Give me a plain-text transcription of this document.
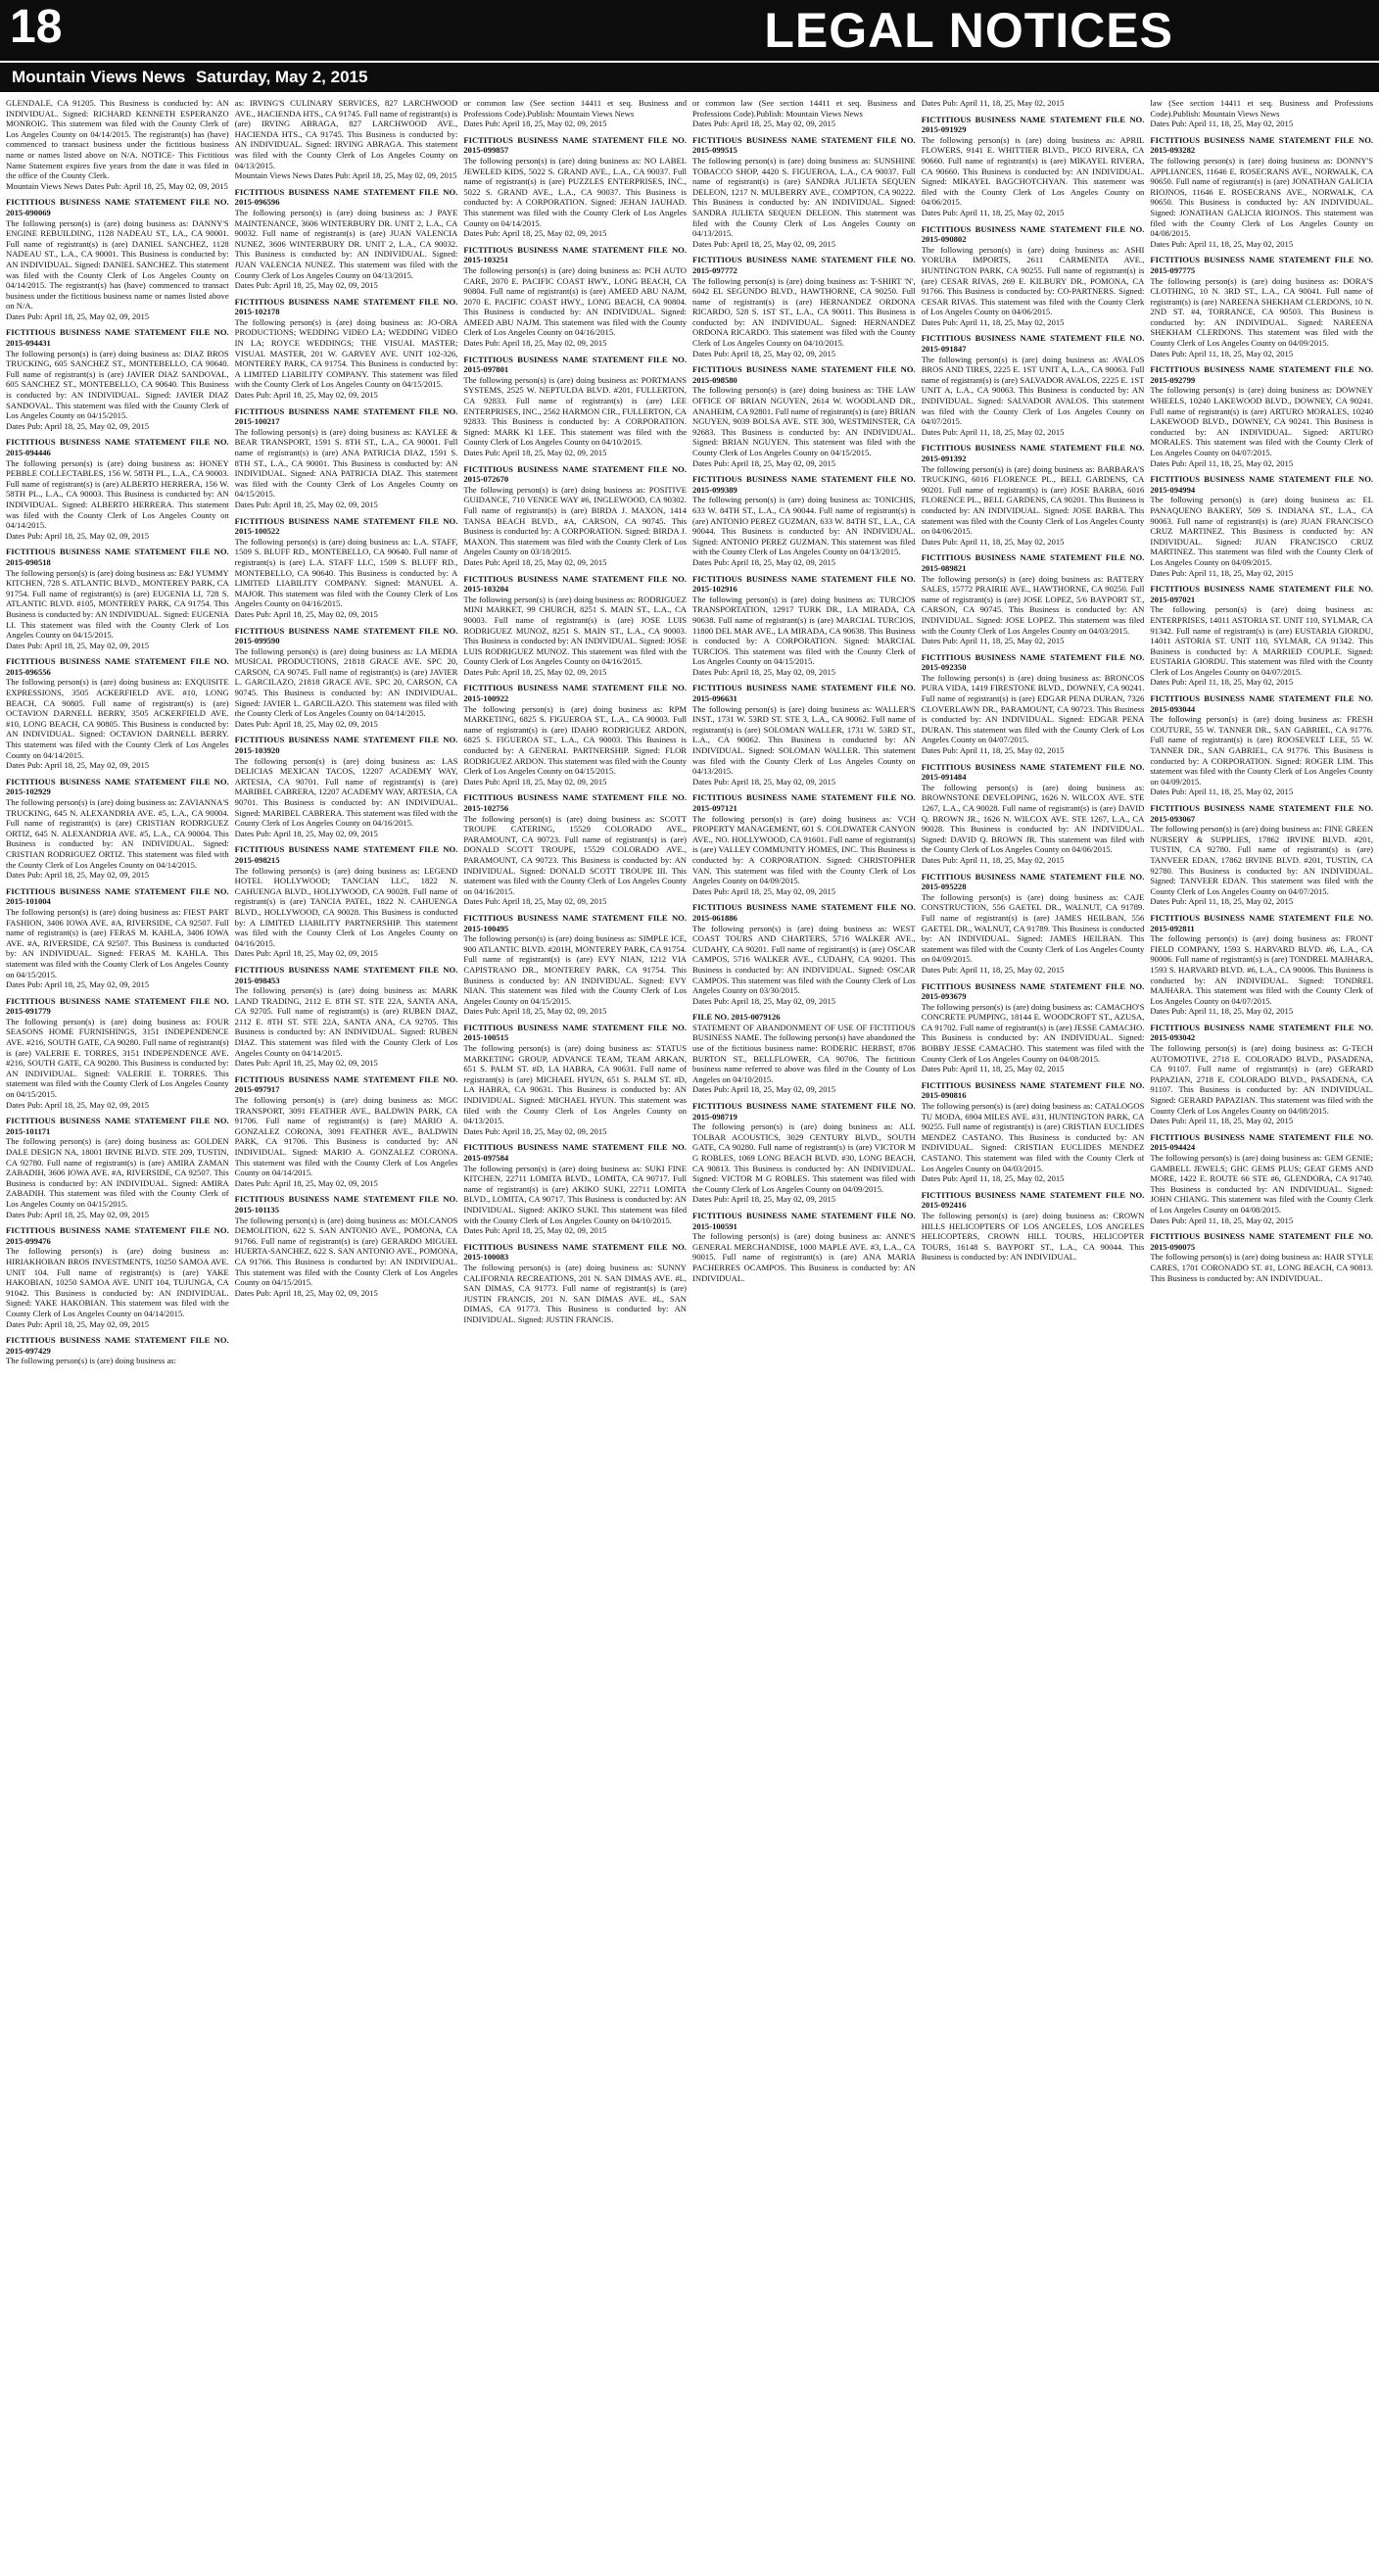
18	LEGAL NOTICES
Mountain Views News Saturday, May 2, 2015
GLENDALE, CA 91205. This Business is conducted by: AN INDIVIDUAL. Signed: RICHARD KENNETH ESPERANZO MONROIG. This statement was filed with the County Clerk of Los Angeles County on 04/14/2015. The registrant(s) has (have) commenced to transact business under the fictitious business name or names listed above on N/A. NOTICE- This Fictitious Name Statement expires five years from the date it was filed in the office of the County Clerk.
Mountain Views News Dates Pub: April 18, 25, May 02, 09, 2015
FICTITIOUS BUSINESS NAME STATEMENT FILE NO. 2015-090069
The following person(s) is (are) doing business as: DANNY'S ENGINE REBUILDING, 1128 NADEAU ST., LA., CA 90001. Full name of registrant(s) is (are) DANIEL SANCHEZ, 1128 NADEAU ST., L.A., CA 90001. This Business is conducted by: AN INDIVIDUAL. Signed: DANIEL SANCHEZ. This statement was filed with the County Clerk of Los Angeles County on 04/14/2015. The registrant(s) has (have) commenced to transact business under the fictitious business name or names listed above on N/A.
Dates Pub: April 18, 25, May 02, 09, 2015
FICTITIOUS BUSINESS NAME STATEMENT FILE NO. 2015-094431
The following person(s) is (are) doing business as: DIAZ BROS TRUCKING, 605 SANCHEZ ST., MONTEBELLO, CA 90640. Full name of registrant(s) is (are) JAVIER DIAZ SANDOVAL, 605 SANCHEZ ST., MONTEBELLO, CA 90640. This Business is conducted by: AN INDIVIDUAL. Signed: JAVIER DIAZ SANDOVAL. This statement was filed with the County Clerk of Los Angeles County on 04/15/2015.
Dates Pub: April 18, 25, May 02, 09, 2015
FICTITIOUS BUSINESS NAME STATEMENT FILE NO. 2015-094446
The following person(s) is (are) doing business as: HONEY PEBBLE COLLECTABLES, 156 W. 58TH PL., L.A., CA 90003. Full name of registrant(s) is (are) ALBERTO HERRERA, 156 W. 58TH PL., L.A., CA 90003. This Business is conducted by: AN INDIVIDUAL. Signed: ALBERTO HERRERA. This statement was filed with the County Clerk of Los Angeles County on 04/14/2015.
Dates Pub: April 18, 25, May 02, 09, 2015
FICTITIOUS BUSINESS NAME STATEMENT FILE NO. 2015-090518
The following person(s) is (are) doing business as: E&J YUMMY KITCHEN, 728 S. ATLANTIC BLVD., MONTEREY PARK, CA 91754. Full name of registrant(s) is (are) EUGENIA LI, 728 S. ATLANTIC BLVD. #105, MONTEREY PARK, CA 91754. This Business is conducted by: AN INDIVIDUAL. Signed: EUGENIA LI. This statement was filed with the County Clerk of Los Angeles County on 04/15/2015.
Dates Pub: April 18, 25, May 02, 09, 2015
FICTITIOUS BUSINESS NAME STATEMENT FILE NO. 2015-096556
The following person(s) is (are) doing business as: EXQUISITE EXPRESSIONS, 3505 ACKERFIELD AVE. #10, LONG BEACH, CA 90805. Full name of registrant(s) is (are) OCTAVION DARNELL BERRY, 3505 ACKERFIELD AVE. #10, LONG BEACH, CA 90805. This Business is conducted by: AN INDIVIDUAL. Signed: OCTAVION DARNELL BERRY. This statement was filed with the County Clerk of Los Angeles County on 04/14/2015.
Dates Pub: April 18, 25, May 02, 09, 2015
FICTITIOUS BUSINESS NAME STATEMENT FILE NO. 2015-102929
The following person(s) is (are) doing business as: ZAVIANNA'S TRUCKING, 645 N. ALEXANDRIA AVE. #5, L.A., CA 90004. Full name of registrant(s) is (are) CRISTIAN RODRIGUEZ ORTIZ, 645 N. ALEXANDRIA AVE. #5, L.A., CA 90004. This Business is conducted by: AN INDIVIDUAL. Signed: CRISTIAN RODRIGUEZ ORTIZ. This statement was filed with the County Clerk of Los Angeles County on 04/14/2015.
Dates Pub: April 18, 25, May 02, 09, 2015
FICTITIOUS BUSINESS NAME STATEMENT FILE NO. 2015-101004
The following person(s) is (are) doing business as: FIEST PART FASHION, 3406 IOWA AVE. #A, RIVERSIDE, CA 92507. Full name of registrant(s) is (are) FERAS M. KAHLA, 3406 IOWA AVE. #A, RIVERSIDE, CA 92507. This Business is conducted by: AN INDIVIDUAL. Signed: FERAS M. KAHLA. This statement was filed with the County Clerk of Los Angeles County on 04/15/2015.
Dates Pub: April 18, 25, May 02, 09, 2015
FICTITIOUS BUSINESS NAME STATEMENT FILE NO. 2015-091779
The following person(s) is (are) doing business as: FOUR SEASONS HOME FURNISHINGS, 3151 INDEPENDENCE AVE. #216, SOUTH GATE, CA 90280. Full name of registrant(s) is (are) VALERIE E. TORRES, 3151 INDEPENDENCE AVE. #216, SOUTH GATE, CA 90280. This Business is conducted by: AN INDIVIDUAL. Signed: VALERIE E. TORRES. This statement was filed with the County Clerk of Los Angeles County on 04/15/2015.
Dates Pub: April 18, 25, May 02, 09, 2015
FICTITIOUS BUSINESS NAME STATEMENT FILE NO. 2015-101171
The following person(s) is (are) doing business as: GOLDEN DALE DESIGN NA, 18001 IRVINE BLVD. STE 209, TUSTIN, CA 92780. Full name of registrant(s) is (are) AMIRA ZAMAN ZABADIH, 3606 IOWA AVE. #A, RIVERSIDE, CA 92507. This Business is conducted by: AN INDIVIDUAL. Signed: AMIRA ZABADIH. This statement was filed with the County Clerk of Los Angeles County on 04/15/2015.
Dates Pub: April 18, 25, May 02, 09, 2015
FICTITIOUS BUSINESS NAME STATEMENT FILE NO. 2015-099476
The following person(s) is (are) doing business as: HIRIAKHOBAN BROS INVESTMENTS, 10250 SAMOA AVE. UNIT 104. Full name of registrant(s) is (are) YAKE HAKOBIAN, 10250 SAMOA AVE. UNIT 104, TUJUNGA, CA 91042. This Business is conducted by: AN INDIVIDUAL. Signed: YAKE HAKOBIAN. This statement was filed with the County Clerk of Los Angeles County on 04/14/2015.
Dates Pub: April 18, 25, May 02, 09, 2015
FICTITIOUS BUSINESS NAME STATEMENT FILE NO. 2015-097429
The following person(s) is (are) doing business as:
as: IRVING'S CULINARY SERVICES, 827 LARCHWOOD AVE., HACIENDA HTS., CA 91745. Full name of registrant(s) is (are) IRVING ABRAGA, 827 LARCHWOOD AVE., HACIENDA HTS., CA 91745. This Business is conducted by: AN INDIVIDUAL. Signed: IRVING ABRAGA. This statement was filed with the County Clerk of Los Angeles County on 04/13/2015.
Mountain Views News Dates Pub: April 18, 25, May 02, 09, 2015
FICTITIOUS BUSINESS NAME STATEMENT FILE NO. 2015-096596
The following person(s) is (are) doing business as: J PAYE MAINTENANCE, 3606 WINTERBURY DR. UNIT 2, L.A., CA 90032. Full name of registrant(s) is (are) JUAN VALENCIA NUNEZ, 3606 WINTERBURY DR. UNIT 2, L.A., CA 90032. This Business is conducted by: AN INDIVIDUAL. Signed: JUAN VALENCIA NUNEZ. This statement was filed with the County Clerk of Los Angeles County on 04/13/2015.
Dates Pub: April 18, 25, May 02, 09, 2015
FICTITIOUS BUSINESS NAME STATEMENT FILE NO. 2015-102178
The following person(s) is (are) doing business as: JO-ORA PRODUCTIONS; WEDDING VIDEO LA; WEDDING VIDEO IN LA; ROYCE WEDDINGS; THE VISUAL MASTER; VISUAL MASTER, 201 W. GARVEY AVE. UNIT 102-326, MONTEREY PARK, CA 91754. This Business is conducted by: A LIMITED LIABILITY COMPANY. This statement was filed with the County Clerk of Los Angeles County on 04/15/2015.
Dates Pub: April 18, 25, May 02, 09, 2015
FICTITIOUS BUSINESS NAME STATEMENT FILE NO. 2015-100217
The following person(s) is (are) doing business as: KAYLEE & BEAR TRANSPORT, 1591 S. 8TH ST., L.A., CA 90001. Full name of registrant(s) is (are) ANA PATRICIA DIAZ, 1591 S. 8TH ST., L.A., CA 90001. This Business is conducted by: AN INDIVIDUAL. Signed: ANA PATRICIA DIAZ. This statement was filed with the County Clerk of Los Angeles County on 04/15/2015.
Dates Pub: April 18, 25, May 02, 09, 2015
FICTITIOUS BUSINESS NAME STATEMENT FILE NO. 2015-100522
The following person(s) is (are) doing business as: L.A. STAFF, 1509 S. BLUFF RD., MONTEBELLO, CA 90640. Full name of registrant(s) is (are) L.A. STAFF LLC, 1509 S. BLUFF RD., MONTEBELLO, CA 90640. This Business is conducted by: A LIMITED LIABILITY COMPANY. Signed: MANUEL A. MAJOR. This statement was filed with the County Clerk of Los Angeles County on 04/16/2015.
Dates Pub: April 18, 25, May 02, 09, 2015
FICTITIOUS BUSINESS NAME STATEMENT FILE NO. 2015-099590
The following person(s) is (are) doing business as: LA MEDIA MUSICAL PRODUCTIONS, 21818 GRACE AVE. SPC 20, CARSON, CA 90745. Full name of registrant(s) is (are) JAVIER L. GARCILAZO, 21818 GRACE AVE. SPC 20, CARSON, CA 90745. This Business is conducted by: AN INDIVIDUAL. Signed: JAVIER L. GARCILAZO. This statement was filed with the County Clerk of Los Angeles County on 04/14/2015.
Dates Pub: April 18, 25, May 02, 09, 2015
FICTITIOUS BUSINESS NAME STATEMENT FILE NO. 2015-103920
The following person(s) is (are) doing business as: LAS DELICIAS MEXICAN TACOS, 12207 ACADEMY WAY, ARTESIA, CA 90701. Full name of registrant(s) is (are) MARIBEL CABRERA, 12207 ACADEMY WAY, ARTESIA, CA 90701. This Business is conducted by: AN INDIVIDUAL. Signed: MARIBEL CABRERA. This statement was filed with the County Clerk of Los Angeles County on 04/16/2015.
Dates Pub: April 18, 25, May 02, 09, 2015
FICTITIOUS BUSINESS NAME STATEMENT FILE NO. 2015-098215
The following person(s) is (are) doing business as: LEGEND HOTEL HOLLYWOOD; TANCIAN LLC, 1822 N. CAHUENGA BLVD., HOLLYWOOD, CA 90028. Full name of registrant(s) is (are) TANCIA PATEL, 1822 N. CAHUENGA BLVD., HOLLYWOOD, CA 90028. This Business is conducted by: A LIMITED LIABILITY PARTNERSHIP. This statement was filed with the County Clerk of Los Angeles County on 04/16/2015.
Dates Pub: April 18, 25, May 02, 09, 2015
FICTITIOUS BUSINESS NAME STATEMENT FILE NO. 2015-098453
The following person(s) is (are) doing business as: MARK LAND TRADING, 2112 E. 8TH ST. STE 22A, SANTA ANA, CA 92705. Full name of registrant(s) is (are) RUBEN DIAZ, 2112 E. 8TH ST. STE 22A, SANTA ANA, CA 92705. This Business is conducted by: AN INDIVIDUAL. Signed: RUBEN DIAZ. This statement was filed with the County Clerk of Los Angeles County on 04/14/2015.
Dates Pub: April 18, 25, May 02, 09, 2015
FICTITIOUS BUSINESS NAME STATEMENT FILE NO. 2015-097917
The following person(s) is (are) doing business as: MGC TRANSPORT, 3091 FEATHER AVE., BALDWIN PARK, CA 91706. Full name of registrant(s) is (are) MARIO A. GONZALEZ CORONA, 3091 FEATHER AVE., BALDWIN PARK, CA 91706. This Business is conducted by: AN INDIVIDUAL. Signed: MARIO A. GONZALEZ CORONA. This statement was filed with the County Clerk of Los Angeles County on 04/14/2015.
Dates Pub: April 18, 25, May 02, 09, 2015
FICTITIOUS BUSINESS NAME STATEMENT FILE NO. 2015-101135
The following person(s) is (are) doing business as: MOLCANOS DEMOLITION, 622 S. SAN ANTONIO AVE., POMONA, CA 91766. Full name of registrant(s) is (are) GERARDO MIGUEL HUERTA-SANCHEZ, 622 S. SAN ANTONIO AVE., POMONA, CA 91766. This Business is conducted by: AN INDIVIDUAL. This statement was filed with the County Clerk of Los Angeles County on 04/15/2015.
Dates Pub: April 18, 25, May 02, 09, 2015
or common law (See section 14411 et seq. Business and Professions Code).Publish: Mountain Views News
Dates Pub: April 18, 25, May 02, 09, 2015
FICTITIOUS BUSINESS NAME STATEMENT FILE NO. 2015-099857
The following person(s) is (are) doing business as: NO LABEL JEWELED KIDS, 5022 S. GRAND AVE., L.A., CA 90037. Full name of registrant(s) is (are) PUZZLES ENTERPRISES, INC., 5022 S. GRAND AVE., L.A., CA 90037. This Business is conducted by: A CORPORATION. Signed: JEHAN JAUHAD. This statement was filed with the County Clerk of Los Angeles County on 04/14/2015.
Dates Pub: April 18, 25, May 02, 09, 2015
FICTITIOUS BUSINESS NAME STATEMENT FILE NO. 2015-103251
The following person(s) is (are) doing business as: PCH AUTO CARE, 2070 E. PACIFIC COAST HWY., LONG BEACH, CA 90804. Full name of registrant(s) is (are) AMEED ABU NAJM, 2070 E. PACIFIC COAST HWY., LONG BEACH, CA 90804. This Business is conducted by: AN INDIVIDUAL. Signed: AMEED ABU NAJM. This statement was filed with the County Clerk of Los Angeles County on 04/16/2015.
Dates Pub: April 18, 25, May 02, 09, 2015
FICTITIOUS BUSINESS NAME STATEMENT FILE NO. 2015-097801
The following person(s) is (are) doing business as: PORTMANS SYSTEMS, 2525 W. NEPTULDA BLVD. #201, FULLERTON, CA 92833. Full name of registrant(s) is (are) LEE ENTERPRISES, INC., 2562 HARMON CIR., FULLERTON, CA 92833. This Business is conducted by: A CORPORATION. Signed: MARK KI LEE. This statement was filed with the County Clerk of Los Angeles County on 04/10/2015.
Dates Pub: April 18, 25, May 02, 09, 2015
FICTITIOUS BUSINESS NAME STATEMENT FILE NO. 2015-072670
The following person(s) is (are) doing business as: POSITIVE GUIDANCE, 710 VENICE WAY #6, INGLEWOOD, CA 90302. Full name of registrant(s) is (are) BIRDA J. MAXON, 1414 TANSA BEACH BLVD., #A, CARSON, CA 90745. This Business is conducted by: A CORPORATION. Signed: BIRDA J. MAXON. This statement was filed with the County Clerk of Los Angeles County on 03/18/2015.
Dates Pub: April 18, 25, May 02, 09, 2015
FICTITIOUS BUSINESS NAME STATEMENT FILE NO. 2015-103204
The following person(s) is (are) doing business as: RODRIGUEZ MINI MARKET, 99 CHURCH, 8251 S. MAIN ST., L.A., CA 90003. Full name of registrant(s) is (are) JOSE LUIS RODRIGUEZ MUNOZ, 8251 S. MAIN ST., L.A., CA 90003. This Business is conducted by: AN INDIVIDUAL. Signed: JOSE LUIS RODRIGUEZ MUNOZ. This statement was filed with the County Clerk of Los Angeles County on 04/16/2015.
Dates Pub: April 18, 25, May 02, 09, 2015
FICTITIOUS BUSINESS NAME STATEMENT FILE NO. 2015-100922
The following person(s) is (are) doing business as: RPM MARKETING, 6825 S. FIGUEROA ST., L.A., CA 90003. Full name of registrant(s) is (are) IDAHO RODRIGUEZ ARDON, 6825 S. FIGUEROA ST., L.A., CA 90003. This Business is conducted by: A GENERAL PARTNERSHIP. Signed: FLOR RODRIGUEZ ARDON. This statement was filed with the County Clerk of Los Angeles County on 04/15/2015.
Dates Pub: April 18, 25, May 02, 09, 2015
FICTITIOUS BUSINESS NAME STATEMENT FILE NO. 2015-102756
The following person(s) is (are) doing business as: SCOTT TROUPE CATERING, 15529 COLORADO AVE., PARAMOUNT, CA 90723. Full name of registrant(s) is (are) DONALD SCOTT TROUPE, 15529 COLORADO AVE., PARAMOUNT, CA 90723. This Business is conducted by: AN INDIVIDUAL. Signed: DONALD SCOTT TROUPE III. This statement was filed with the County Clerk of Los Angeles County on 04/16/2015.
Dates Pub: April 18, 25, May 02, 09, 2015
FICTITIOUS BUSINESS NAME STATEMENT FILE NO. 2015-100495
The following person(s) is (are) doing business as: SIMPLE ICE, 900 ATLANTIC BLVD. #201H, MONTEREY PARK, CA 91754. Full name of registrant(s) is (are) EVY NIAN, 1212 VIA CAPISTRANO DR., MONTEREY PARK, CA 91754. This Business is conducted by: AN INDIVIDUAL. Signed: EVY NIAN. This statement was filed with the County Clerk of Los Angeles County on 04/15/2015.
Dates Pub: April 18, 25, May 02, 09, 2015
FICTITIOUS BUSINESS NAME STATEMENT FILE NO. 2015-100515
The following person(s) is (are) doing business as: STATUS MARKETING GROUP, ADVANCE TEAM, TEAM ARKAN, 651 S. PALM ST. #D, LA HABRA, CA 90631. Full name of registrant(s) is (are) MICHAEL HYUN, 651 S. PALM ST. #D, LA HABRA, CA 90631. This Business is conducted by: AN INDIVIDUAL. Signed: MICHAEL HYUN. This statement was filed with the County Clerk of Los Angeles County on 04/13/2015.
Dates Pub: April 18, 25, May 02, 09, 2015
FICTITIOUS BUSINESS NAME STATEMENT FILE NO. 2015-097584
The following person(s) is (are) doing business as: SUKI FINE KITCHEN, 22711 LOMITA BLVD., LOMITA, CA 90717. Full name of registrant(s) is (are) AKIKO SUKI, 22711 LOMITA BLVD., LOMITA, CA 90717. This Business is conducted by: AN INDIVIDUAL. Signed: AKIKO SUKI. This statement was filed with the County Clerk of Los Angeles County on 04/10/2015.
Dates Pub: April 18, 25, May 02, 09, 2015
FICTITIOUS BUSINESS NAME STATEMENT FILE NO. 2015-100083
The following person(s) is (are) doing business as: SUNNY CALIFORNIA RECREATIONS, 201 N. SAN DIMAS AVE. #L, SAN DIMAS, CA 91773. Full name of registrant(s) is (are) JUSTIN FRANCIS, 201 N. SAN DIMAS AVE. #L, SAN DIMAS, CA 91773. This Business is conducted by: AN INDIVIDUAL. Signed: JUSTIN FRANCIS.
or common law (See section 14411 et seq. Business and Professions Code).Publish: Mountain Views News
Dates Pub: April 18, 25, May 02, 09, 2015
FICTITIOUS BUSINESS NAME STATEMENT FILE NO. 2015-099515
The following person(s) is (are) doing business as: SUNSHINE TOBACCO SHOP, 4420 S. FIGUEROA, L.A., CA 90037. Full name of registrant(s) is (are) SANDRA JULIETA SEQUEN DELEON, 1217 N. MULBERRY AVE., COMPTON, CA 90222. This Business is conducted by: AN INDIVIDUAL. Signed: SANDRA JULIETA SEQUEN DELEON. This statement was filed with the County Clerk of Los Angeles County on 04/13/2015.
Dates Pub: April 18, 25, May 02, 09, 2015
FICTITIOUS BUSINESS NAME STATEMENT FILE NO. 2015-097772
The following person(s) is (are) doing business as: T-SHIRT 'N', 6042 EL SEGUNDO BLVD., HAWTHORNE, CA 90250. Full name of registrant(s) is (are) HERNANDEZ ORDONA RICARDO, 528 S. 1ST ST., L.A., CA 90011. This Business is conducted by: AN INDIVIDUAL. Signed: HERNANDEZ ORDONA RICARDO. This statement was filed with the County Clerk of Los Angeles County on 04/10/2015.
Dates Pub: April 18, 25, May 02, 09, 2015
FICTITIOUS BUSINESS NAME STATEMENT FILE NO. 2015-098580
The following person(s) is (are) doing business as: THE LAW OFFICE OF BRIAN NGUYEN, 2614 W. WOODLAND DR., ANAHEIM, CA 92801. Full name of registrant(s) is (are) BRIAN NGUYEN, 9039 BOLSA AVE. STE 300, WESTMINSTER, CA 92683. This Business is conducted by: AN INDIVIDUAL. Signed: BRIAN NGUYEN. This statement was filed with the County Clerk of Los Angeles County on 04/15/2015.
Dates Pub: April 18, 25, May 02, 09, 2015
FICTITIOUS BUSINESS NAME STATEMENT FILE NO. 2015-099389
The following person(s) is (are) doing business as: TONICHIS, 633 W. 84TH ST., L.A., CA 90044. Full name of registrant(s) is (are) ANTONIO PEREZ GUZMAN, 633 W. 84TH ST., L.A., CA 90044. This Business is conducted by: AN INDIVIDUAL. Signed: ANTONIO PEREZ GUZMAN. This statement was filed with the County Clerk of Los Angeles County on 04/13/2015.
Dates Pub: April 18, 25, May 02, 09, 2015
FICTITIOUS BUSINESS NAME STATEMENT FILE NO. 2015-102916
The following person(s) is (are) doing business as: TURCIOS TRANSPORTATION, 12917 TURK DR., LA MIRADA, CA 90638. Full name of registrant(s) is (are) MARCIAL TURCIOS, 11800 DEL MAR AVE., LA MIRADA, CA 90638. This Business is conducted by: A CORPORATION. Signed: MARCIAL TURCIOS. This statement was filed with the County Clerk of Los Angeles County on 04/15/2015.
Dates Pub: April 18, 25, May 02, 09, 2015
FICTITIOUS BUSINESS NAME STATEMENT FILE NO. 2015-096631
The following person(s) is (are) doing business as: WALLER'S INST., 1731 W. 53RD ST. STE 3, L.A., CA 90062. Full name of registrant(s) is (are) SOLOMAN WALLER, 1731 W. 53RD ST., L.A., CA 90062. This Business is conducted by: AN INDIVIDUAL. Signed: SOLOMAN WALLER. This statement was filed with the County Clerk of Los Angeles County on 04/13/2015.
Dates Pub: April 18, 25, May 02, 09, 2015
FICTITIOUS BUSINESS NAME STATEMENT FILE NO. 2015-097121
The following person(s) is (are) doing business as: VCH PROPERTY MANAGEMENT, 601 S. COLDWATER CANYON AVE., NO. HOLLYWOOD, CA 91601. Full name of registrant(s) is (are) VALLEY COMMUNITY HOMES, INC. This Business is conducted by: A CORPORATION. Signed: CHRISTOPHER VAN. This statement was filed with the County Clerk of Los Angeles County on 04/09/2015.
Dates Pub: April 18, 25, May 02, 09, 2015
FICTITIOUS BUSINESS NAME STATEMENT FILE NO. 2015-061886
The following person(s) is (are) doing business as: WEST COAST TOURS AND CHARTERS, 5716 WALKER AVE., CUDAHY, CA 90201. Full name of registrant(s) is (are) OSCAR CAMPOS, 5716 WALKER AVE., CUDAHY, CA 90201. This Business is conducted by: AN INDIVIDUAL. Signed: OSCAR CAMPOS. This statement was filed with the County Clerk of Los Angeles County on 03/30/2015.
Dates Pub: April 18, 25, May 02, 09, 2015
FILE NO. 2015-0079126
STATEMENT OF ABANDONMENT OF USE OF FICTITIOUS BUSINESS NAME. The following person(s) have abandoned the use of the fictitious business name: RODERIC HERBST, 8706 BURTON ST., BELLFLOWER, CA 90706. The fictitious business name referred to above was filed in the County of Los Angeles on 04/10/2015.
Dates Pub: April 18, 25, May 02, 09, 2015
FICTITIOUS BUSINESS NAME STATEMENT FILE NO. 2015-098719
The following person(s) is (are) doing business as: ALL TOLBAR ACOUSTICS, 3029 CENTURY BLVD., SOUTH GATE, CA 90280. Full name of registrant(s) is (are) VICTOR M G ROBLES, 1069 LONG BEACH BLVD. #30, LONG BEACH, CA 90813. This Business is conducted by: AN INDIVIDUAL. Signed: VICTOR M G ROBLES. This statement was filed with the County Clerk of Los Angeles County on 04/09/2015.
Dates Pub: April 18, 25, May 02, 09, 2015
FICTITIOUS BUSINESS NAME STATEMENT FILE NO. 2015-100591
The following person(s) is (are) doing business as: ANNE'S GENERAL MERCHANDISE, 1000 MAPLE AVE. #3, L.A., CA 90015. Full name of registrant(s) is (are) ANA MARIA PACHERRES OCAMPOS. This Business is conducted by: AN INDIVIDUAL.
Dates Pub: April 11, 18, 25, May 02, 2015
FICTITIOUS BUSINESS NAME STATEMENT FILE NO. 2015-091929
The following person(s) is (are) doing business as: APRIL FLOWERS, 9141 E. WHITTIER BLVD., PICO RIVERA, CA 90660. Full name of registrant(s) is (are) MIKAYEL RIVERA, CA 90660. This Business is conducted by: AN INDIVIDUAL. Signed: MIKAYEL BAGCHOTCHYAN. This statement was filed with the County Clerk of Los Angeles County on 04/06/2015.
Dates Pub: April 11, 18, 25, May 02, 2015
FICTITIOUS BUSINESS NAME STATEMENT FILE NO. 2015-090802
The following person(s) is (are) doing business as: ASHI YORUBA IMPORTS, 2611 CARMENITA AVE., HUNTINGTON PARK, CA 90255. Full name of registrant(s) is (are) CESAR RIVAS, 269 E. KILBURY DR., POMONA, CA 91766. This Business is conducted by: CO-PARTNERS. Signed: CESAR RIVAS. This statement was filed with the County Clerk of Los Angeles County on 04/06/2015.
Dates Pub: April 11, 18, 25, May 02, 2015
FICTITIOUS BUSINESS NAME STATEMENT FILE NO. 2015-091847
The following person(s) is (are) doing business as: AVALOS BROS AND TIRES, 2225 E. 1ST UNIT A, L.A., CA 90063. Full name of registrant(s) is (are) SALVADOR AVALOS, 2225 E. 1ST UNIT A, L.A., CA 90063. This Business is conducted by: AN INDIVIDUAL. Signed: SALVADOR AVALOS. This statement was filed with the County Clerk of Los Angeles County on 04/07/2015.
Dates Pub: April 11, 18, 25, May 02, 2015
FICTITIOUS BUSINESS NAME STATEMENT FILE NO. 2015-091392
The following person(s) is (are) doing business as: BARBARA'S TRUCKING, 6016 FLORENCE PL., BELL GARDENS, CA 90201. Full name of registrant(s) is (are) JOSE BARBA, 6016 FLORENCE PL., BELL GARDENS, CA 90201. This Business is conducted by: AN INDIVIDUAL. Signed: JOSE BARBA. This statement was filed with the County Clerk of Los Angeles County on 04/06/2015.
Dates Pub: April 11, 18, 25, May 02, 2015
FICTITIOUS BUSINESS NAME STATEMENT FILE NO. 2015-089821
The following person(s) is (are) doing business as: BATTERY SALES, 15772 PRAIRIE AVE., HAWTHORNE, CA 90250. Full name of registrant(s) is (are) JOSE LOPEZ, 5/6 BAYPORT ST., CARSON, CA 90745. This Business is conducted by: AN INDIVIDUAL. Signed: JOSE LOPEZ. This statement was filed with the County Clerk of Los Angeles County on 04/03/2015.
Dates Pub: April 11, 18, 25, May 02, 2015
FICTITIOUS BUSINESS NAME STATEMENT FILE NO. 2015-092350
The following person(s) is (are) doing business as: BRONCOS PURA VIDA, 1419 FIRESTONE BLVD., DOWNEY, CA 90241. Full name of registrant(s) is (are) EDGAR PENA DURAN, 7326 CLOVERLAWN DR., PARAMOUNT, CA 90723. This Business is conducted by: AN INDIVIDUAL. Signed: EDGAR PENA DURAN. This statement was filed with the County Clerk of Los Angeles County on 04/07/2015.
Dates Pub: April 11, 18, 25, May 02, 2015
FICTITIOUS BUSINESS NAME STATEMENT FILE NO. 2015-091484
The following person(s) is (are) doing business as: BROWNSTONE DEVELOPING, 1626 N. WILCOX AVE. STE 1267, L.A., CA 90028. Full name of registrant(s) is (are) DAVID Q. BROWN JR., 1626 N. WILCOX AVE. STE 1267, L.A., CA 90028. This Business is conducted by: AN INDIVIDUAL. Signed: DAVID Q. BROWN JR. This statement was filed with the County Clerk of Los Angeles County on 04/06/2015.
Dates Pub: April 11, 18, 25, May 02, 2015
FICTITIOUS BUSINESS NAME STATEMENT FILE NO. 2015-095228
The following person(s) is (are) doing business as: CAJE CONSTRUCTION, 556 GAETEL DR., WALNUT, CA 91789. Full name of registrant(s) is (are) JAMES HEILBAN, 556 GAETEL DR., WALNUT, CA 91789. This Business is conducted by: AN INDIVIDUAL. Signed: JAMES HEILBAN. This statement was filed with the County Clerk of Los Angeles County on 04/09/2015.
Dates Pub: April 11, 18, 25, May 02, 2015
FICTITIOUS BUSINESS NAME STATEMENT FILE NO. 2015-093679
The following person(s) is (are) doing business as: CAMACHO'S CONCRETE PUMPING, 18144 E. WOODCROFT ST., AZUSA, CA 91702. Full name of registrant(s) is (are) JESSE CAMACHO. This Business is conducted by: AN INDIVIDUAL. Signed: BOBBY JESSE CAMACHO. This statement was filed with the County Clerk of Los Angeles County on 04/08/2015.
Dates Pub: April 11, 18, 25, May 02, 2015
FICTITIOUS BUSINESS NAME STATEMENT FILE NO. 2015-090816
The following person(s) is (are) doing business as: CATALOGOS TU MODA, 6904 MILES AVE. #31, HUNTINGTON PARK, CA 90255. Full name of registrant(s) is (are) CRISTIAN EUCLIDES MENDEZ CASTANO. This Business is conducted by: AN INDIVIDUAL. Signed: CRISTIAN EUCLIDES MENDEZ CASTANO. This statement was filed with the County Clerk of Los Angeles County on 04/03/2015.
Dates Pub: April 11, 18, 25, May 02, 2015
FICTITIOUS BUSINESS NAME STATEMENT FILE NO. 2015-092416
The following person(s) is (are) doing business as: CROWN HILLS HELICOPTERS OF LOS ANGELES, LOS ANGELES HELICOPTERS, CROWN HILL TOURS, HELICOPTER TOURS, 16148 S. BAYPORT ST., L.A., CA 90044. This Business is conducted by: AN INDIVIDUAL.
law (See section 14411 et seq. Business and Professions Code).Publish: Mountain Views News
Dates Pub: April 11, 18, 25, May 02, 2015
FICTITIOUS BUSINESS NAME STATEMENT FILE NO. 2015-093282
The following person(s) is (are) doing business as: DONNY'S APPLIANCES, 11646 E. ROSECRANS AVE., NORWALK, CA 90650. Full name of registrant(s) is (are) JONATHAN GALICIA RIOJNOS, 11646 E. ROSECRANS AVE., NORWALK, CA 90650. This Business is conducted by: AN INDIVIDUAL. Signed: JONATHAN GALICIA RIOJNOS. This statement was filed with the County Clerk of Los Angeles County on 04/08/2015.
Dates Pub: April 11, 18, 25, May 02, 2015
FICTITIOUS BUSINESS NAME STATEMENT FILE NO. 2015-097775
The following person(s) is (are) doing business as: DORA'S CLOTHING, 10 N. 3RD ST., L.A., CA 90041. Full name of registrant(s) is (are) NAREENA SHEKHAM CLERDONS, 10 N. 2ND ST. #4, TORRANCE, CA 90503. This Business is conducted by: AN INDIVIDUAL. Signed: NAREENA SHEKHAM CLERDONS. This statement was filed with the County Clerk of Los Angeles County on 04/09/2015.
Dates Pub: April 11, 18, 25, May 02, 2015
FICTITIOUS BUSINESS NAME STATEMENT FILE NO. 2015-092799
The following person(s) is (are) doing business as: DOWNEY WHEELS, 10240 LAKEWOOD BLVD., DOWNEY, CA 90241. Full name of registrant(s) is (are) ARTURO MORALES, 10240 LAKEWOOD BLVD., DOWNEY, CA 90241. This Business is conducted by: AN INDIVIDUAL. Signed: ARTURO MORALES. This statement was filed with the County Clerk of Los Angeles County on 04/07/2015.
Dates Pub: April 11, 18, 25, May 02, 2015
FICTITIOUS BUSINESS NAME STATEMENT FILE NO. 2015-094994
The following person(s) is (are) doing business as: EL PANAQUENO BAKERY, 509 S. INDIANA ST., L.A., CA 90063. Full name of registrant(s) is (are) JUAN FRANCISCO CRUZ MARTINEZ. This Business is conducted by: AN INDIVIDUAL. Signed: JUAN FRANCISCO CRUZ MARTINEZ. This statement was filed with the County Clerk of Los Angeles County on 04/09/2015.
Dates Pub: April 11, 18, 25, May 02, 2015
FICTITIOUS BUSINESS NAME STATEMENT FILE NO. 2015-097021
The following person(s) is (are) doing business as: ENTERPRISES, 14011 ASTORIA ST. UNIT 110, SYLMAR, CA 91342. Full name of registrant(s) is (are) EUSTARIA GIORDU, 14011 ASTORIA ST. UNIT 110, SYLMAR, CA 91342. This Business is conducted by: A MARRIED COUPLE. Signed: EUSTARIA GIORDU. This statement was filed with the County Clerk of Los Angeles County on 04/07/2015.
Dates Pub: April 11, 18, 25, May 02, 2015
FICTITIOUS BUSINESS NAME STATEMENT FILE NO. 2015-093044
The following person(s) is (are) doing business as: FRESH COUTURE, 55 W. TANNER DR., SAN GABRIEL, CA 91776. Full name of registrant(s) is (are) ROOSEVELT LEE, 55 W. TANNER DR., SAN GABRIEL, CA 91776. This Business is conducted by: A CORPORATION. Signed: ROGER LIM. This statement was filed with the County Clerk of Los Angeles County on 04/09/2015.
Dates Pub: April 11, 18, 25, May 02, 2015
FICTITIOUS BUSINESS NAME STATEMENT FILE NO. 2015-093067
The following person(s) is (are) doing business as: FINE GREEN NURSERY & SUPPLIES, 17862 IRVINE BLVD. #201, TUSTIN, CA 92780. Full name of registrant(s) is (are) TANVEER EDAN, 17862 IRVINE BLVD. #201, TUSTIN, CA 92780. This Business is conducted by: AN INDIVIDUAL. Signed: TANVEER EDAN. This statement was filed with the County Clerk of Los Angeles County on 04/07/2015.
Dates Pub: April 11, 18, 25, May 02, 2015
FICTITIOUS BUSINESS NAME STATEMENT FILE NO. 2015-092811
The following person(s) is (are) doing business as: FRONT FIELD COMPANY, 1593 S. HARVARD BLVD. #6, L.A., CA 90006. Full name of registrant(s) is (are) TONDREL MAJHARA, 1593 S. HARVARD BLVD. #6, L.A., CA 90006. This Business is conducted by: AN INDIVIDUAL. Signed: TONDREL MAJHARA. This statement was filed with the County Clerk of Los Angeles County on 04/07/2015.
Dates Pub: April 11, 18, 25, May 02, 2015
FICTITIOUS BUSINESS NAME STATEMENT FILE NO. 2015-093042
The following person(s) is (are) doing business as: G-TECH AUTOMOTIVE, 2718 E. COLORADO BLVD., PASADENA, CA 91107. Full name of registrant(s) is (are) GERARD PAPAZIAN, 2718 E. COLORADO BLVD., PASADENA, CA 91107. This Business is conducted by: AN INDIVIDUAL. Signed: GERARD PAPAZIAN. This statement was filed with the County Clerk of Los Angeles County on 04/08/2015.
Dates Pub: April 11, 18, 25, May 02, 2015
FICTITIOUS BUSINESS NAME STATEMENT FILE NO. 2015-094424
The following person(s) is (are) doing business as: GEM GENIE; GAMBELL JEWELS; GHC GEMS PLUS; GEAT GEMS AND MORE, 1422 E. ROUTE 66 STE #6, GLENDORA, CA 91740. This Business is conducted by: AN INDIVIDUAL. Signed: JOHN CHIANG. This statement was filed with the County Clerk of Los Angeles County on 04/08/2015.
Dates Pub: April 11, 18, 25, May 02, 2015
FICTITIOUS BUSINESS NAME STATEMENT FILE NO. 2015-090075
The following person(s) is (are) doing business as: HAIR STYLE CARES, 1701 CORONADO ST. #1, LONG BEACH, CA 90813. This Business is conducted by: AN INDIVIDUAL.
